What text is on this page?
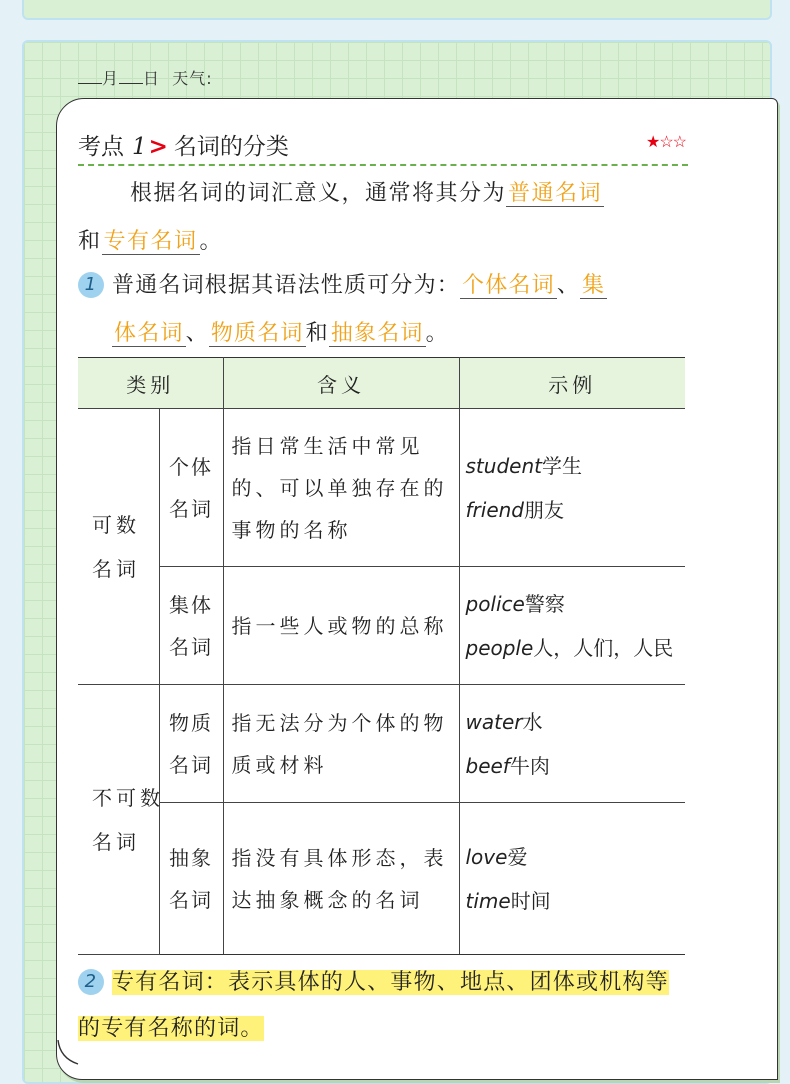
月 日 天气:
考点 1> 名词的分类	★☆☆
根据名词的词汇意义，通常将其分为普通名词
和专有名词。
1 普通名词根据其语法性质可分为：个体名词、集
体名词、物质名词和抽象名词。
类别		含义	示例

可数名词	个体名词	指日常生活中常见的、可以单独存在的事物的名称	student学生
friend朋友

	集体名词	指一些人或物的总称	police警察
people人，人们，人民

不可数名词	物质名词	指无法分为个体的物质或材料	water水
beef牛肉

	抽象名词	指没有具体形态，表达抽象概念的名词	love爱
time时间
2 专有名词：表示具体的人、事物、地点、团体或机构等的专有名称的词。
